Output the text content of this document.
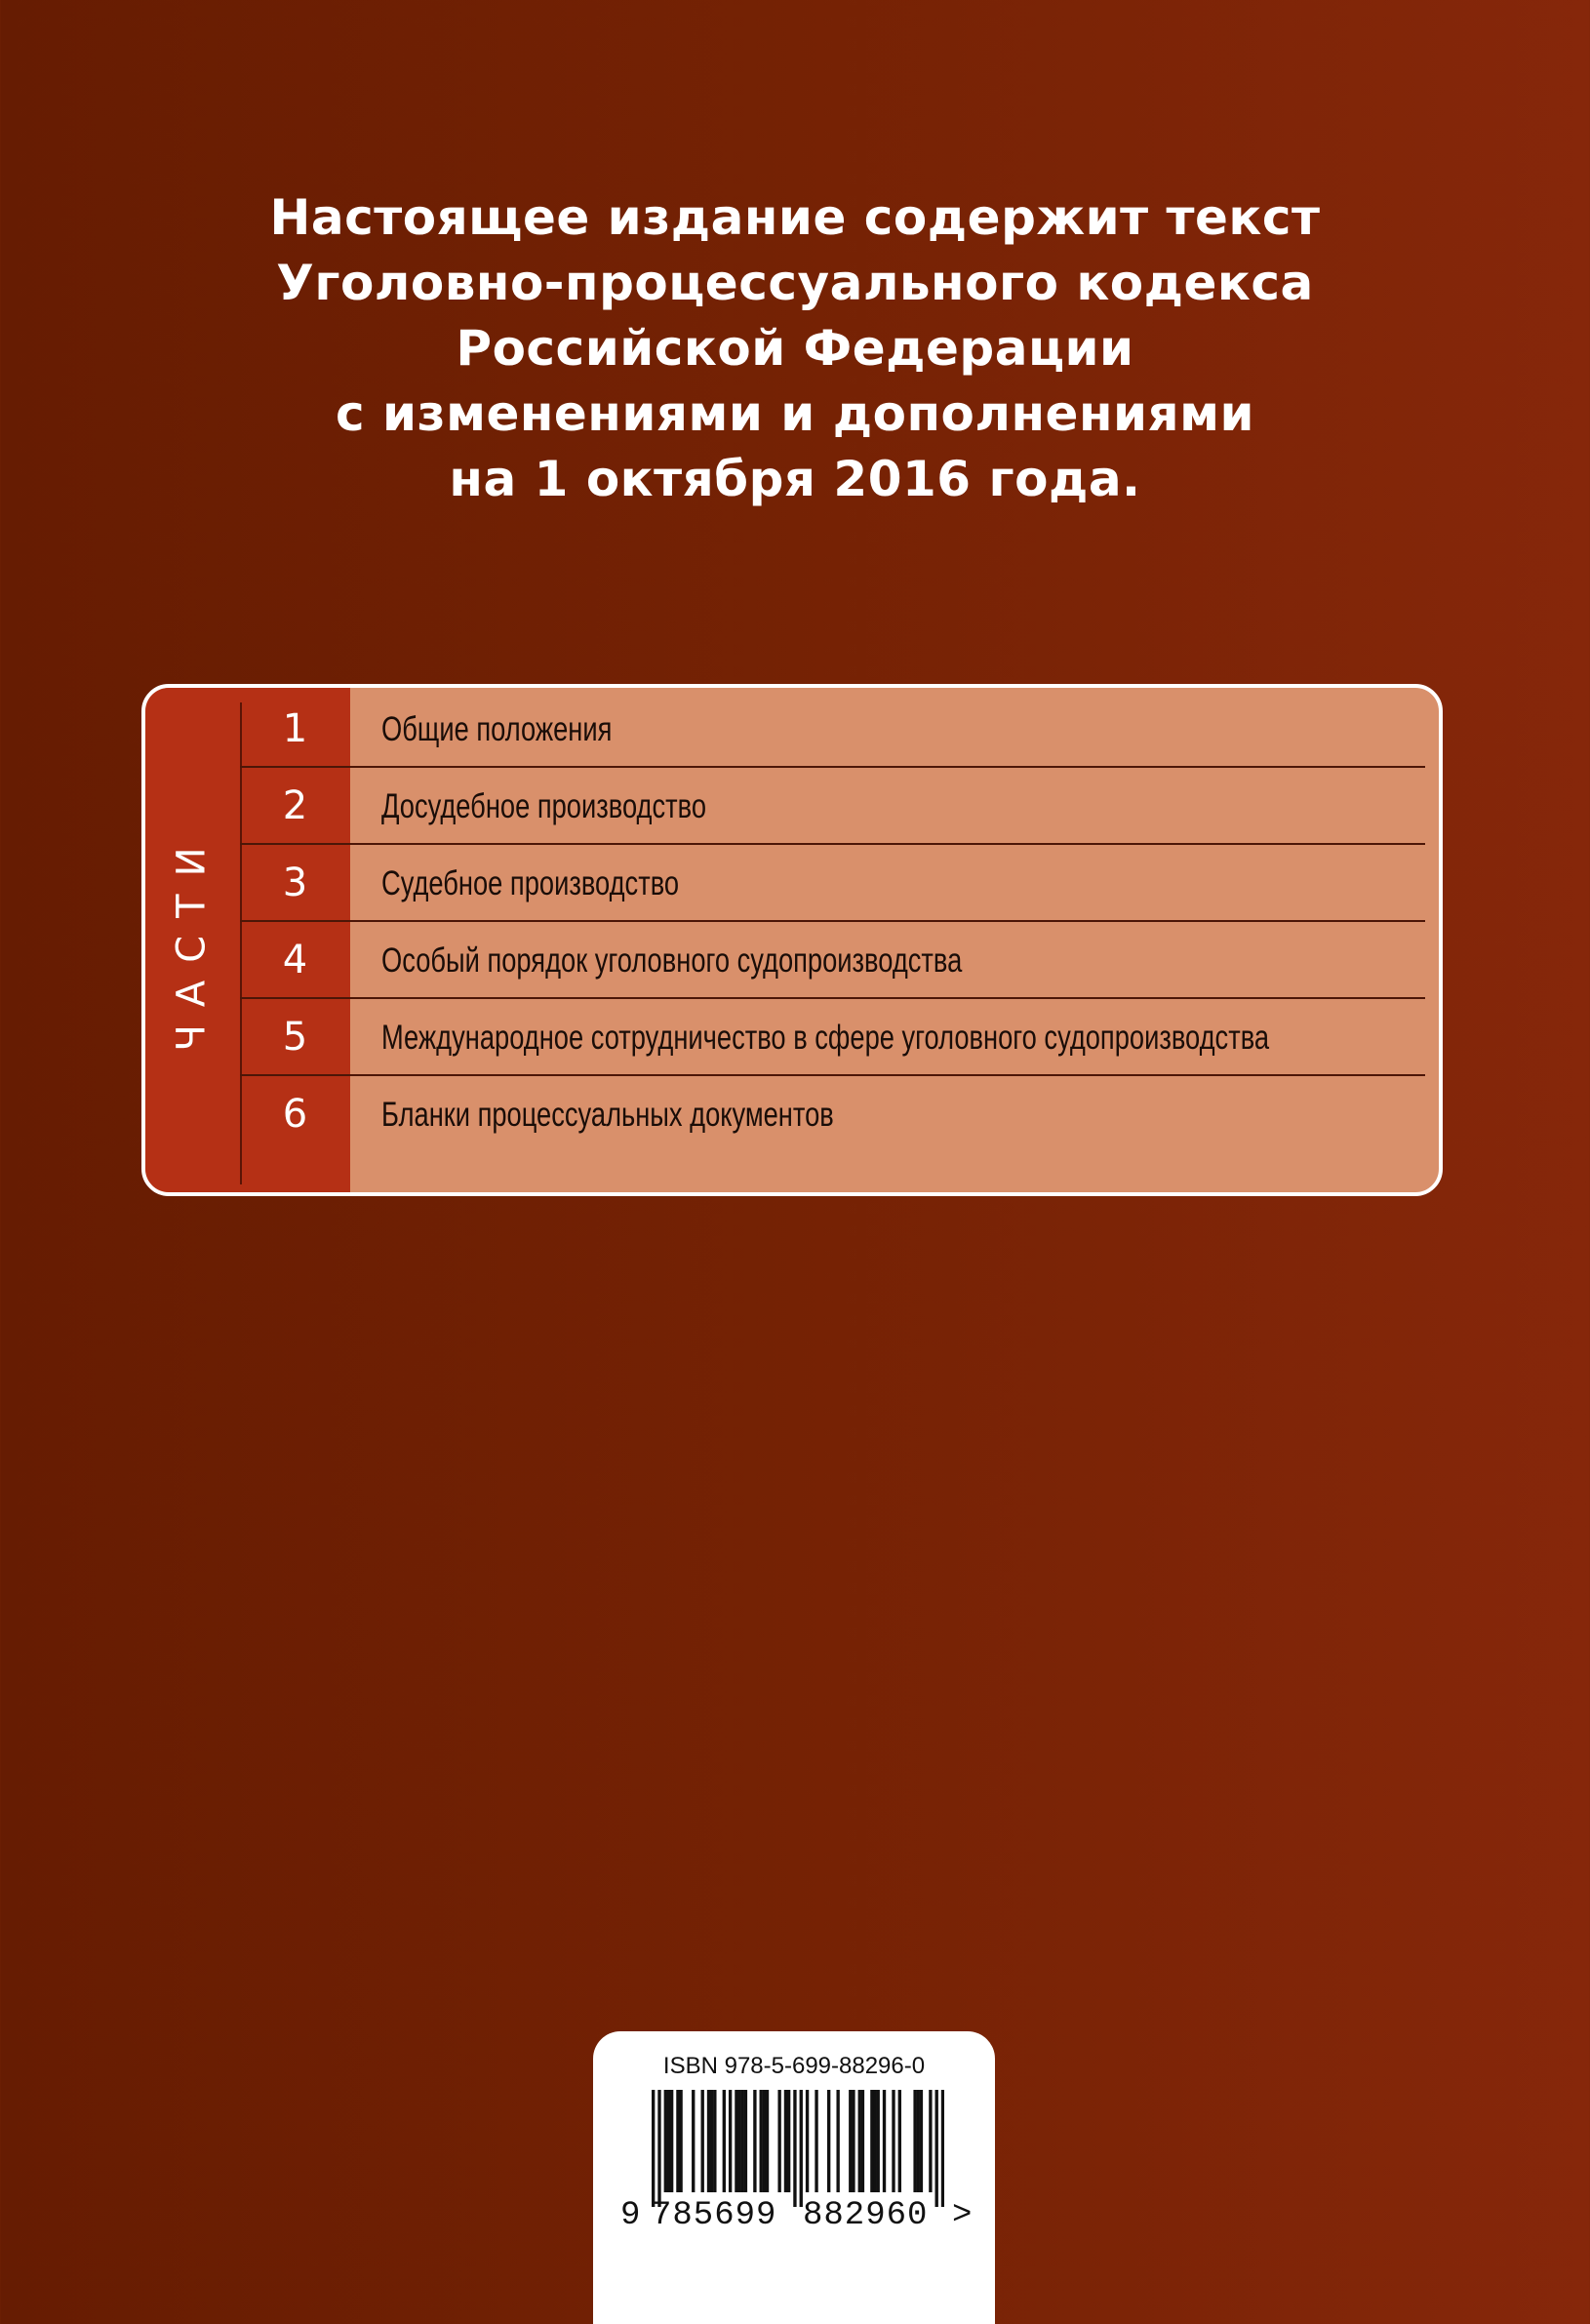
Настоящее издание содержит текст
Уголовно-процессуального кодекса
Российской Федерации
с изменениями и дополнениями
на 1 октября 2016 года.
ЧАСТИ
1	Общие положения
2	Досудебное производство
3	Судебное производство
4	Особый порядок уголовного судопроизводства
5	Международное сотрудничество в сфере уголовного судопроизводства
6	Бланки процессуальных документов
ISBN 978-5-699-88296-0
9 785699 882960 >
